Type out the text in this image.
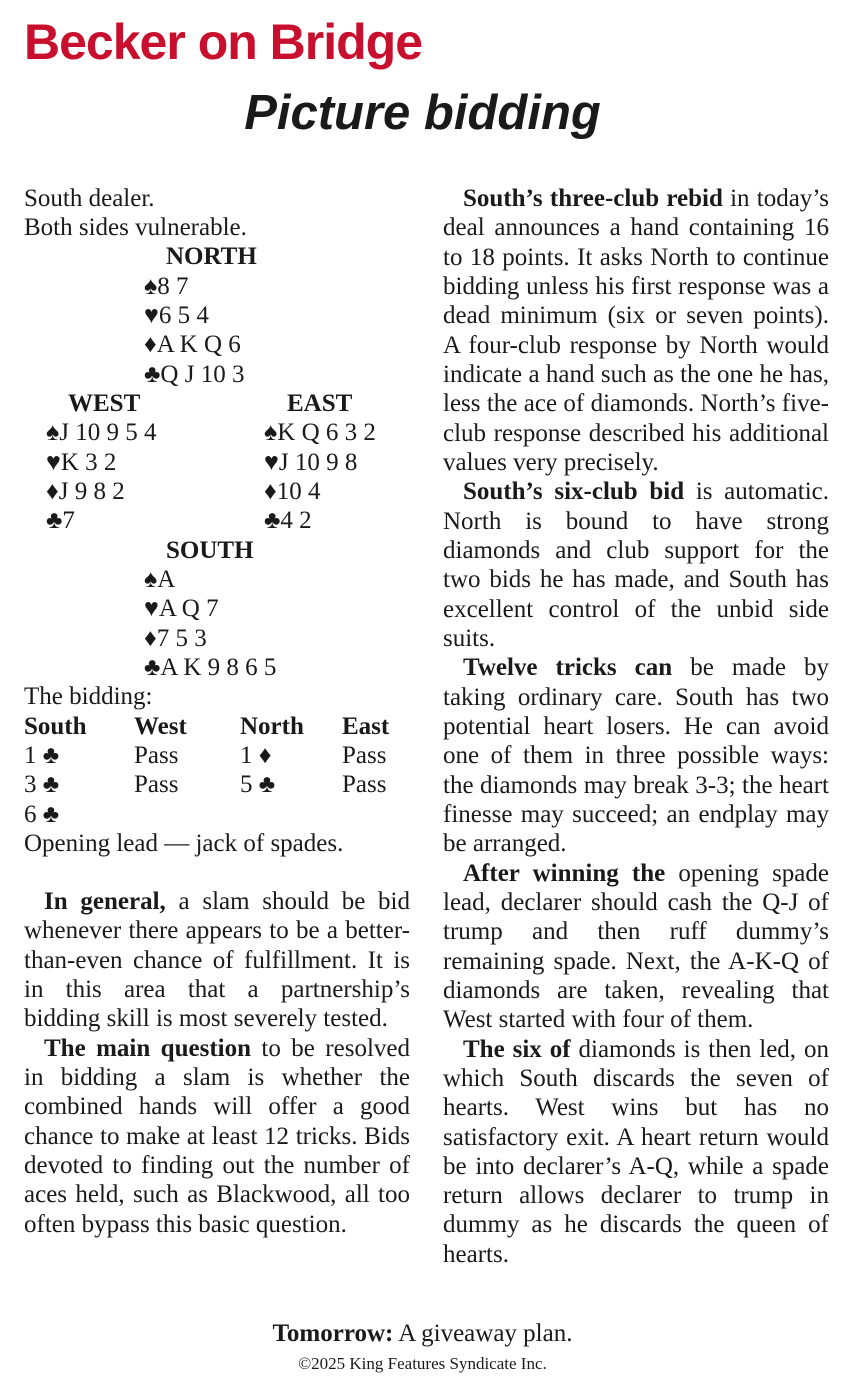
Becker on Bridge
Picture bidding
South dealer.
Both sides vulnerable.
NORTH
♠8 7
♥6 5 4
♦A K Q 6
♣Q J 10 3
WEST
♠J 10 9 5 4
♥K 3 2
♦J 9 8 2
♣7
EAST
♠K Q 6 3 2
♥J 10 9 8
♦10 4
♣4 2
SOUTH
♠A
♥A Q 7
♦7 5 3
♣A K 9 8 6 5
The bidding:
South West North East
1 ♣	Pass 1 ♦	Pass
3 ♣	Pass 5 ♣	Pass
6 ♣
Opening lead — jack of spades.

In general, a slam should be bid whenever there appears to be a better-than-even chance of fulfillment. It is in this area that a partnership’s bidding skill is most severely tested.

The main question to be resolved in bidding a slam is whether the combined hands will offer a good chance to make at least 12 tricks. Bids devoted to finding out the number of aces held, such as Blackwood, all too often bypass this basic question.

South’s three-club rebid in today’s deal announces a hand containing 16 to 18 points. It asks North to continue bidding unless his first response was a dead minimum (six or seven points). A four-club response by North would indicate a hand such as the one he has, less the ace of diamonds. North’s five-club response described his additional values very precisely.

South’s six-club bid is automatic. North is bound to have strong diamonds and club support for the two bids he has made, and South has excellent control of the unbid side suits.

Twelve tricks can be made by taking ordinary care. South has two potential heart losers. He can avoid one of them in three possible ways: the diamonds may break 3-3; the heart finesse may succeed; an endplay may be arranged.

After winning the opening spade lead, declarer should cash the Q-J of trump and then ruff dummy’s remaining spade. Next, the A-K-Q of diamonds are taken, revealing that West started with four of them.

The six of diamonds is then led, on which South discards the seven of hearts. West wins but has no satisfactory exit. A heart return would be into declarer’s A-Q, while a spade return allows declarer to trump in dummy as he discards the queen of hearts.

Tomorrow: A giveaway plan.

©2025 King Features Syndicate Inc.
